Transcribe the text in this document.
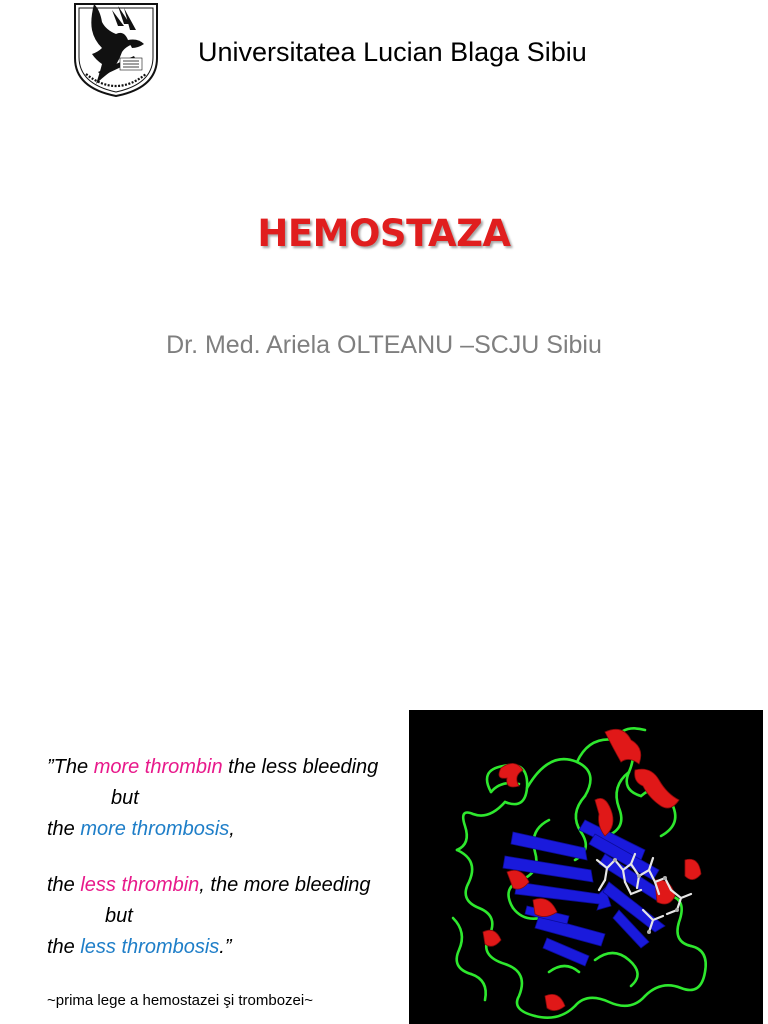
Universitatea Lucian Blaga Sibiu
HEMOSTAZA
Dr. Med. Ariela OLTEANU –SCJU Sibiu
”The more thrombin the less bleeding
but
the more thrombosis,
the less thrombin, the more bleeding
but
the less thrombosis.”
~prima lege a hemostazei şi trombozei~
